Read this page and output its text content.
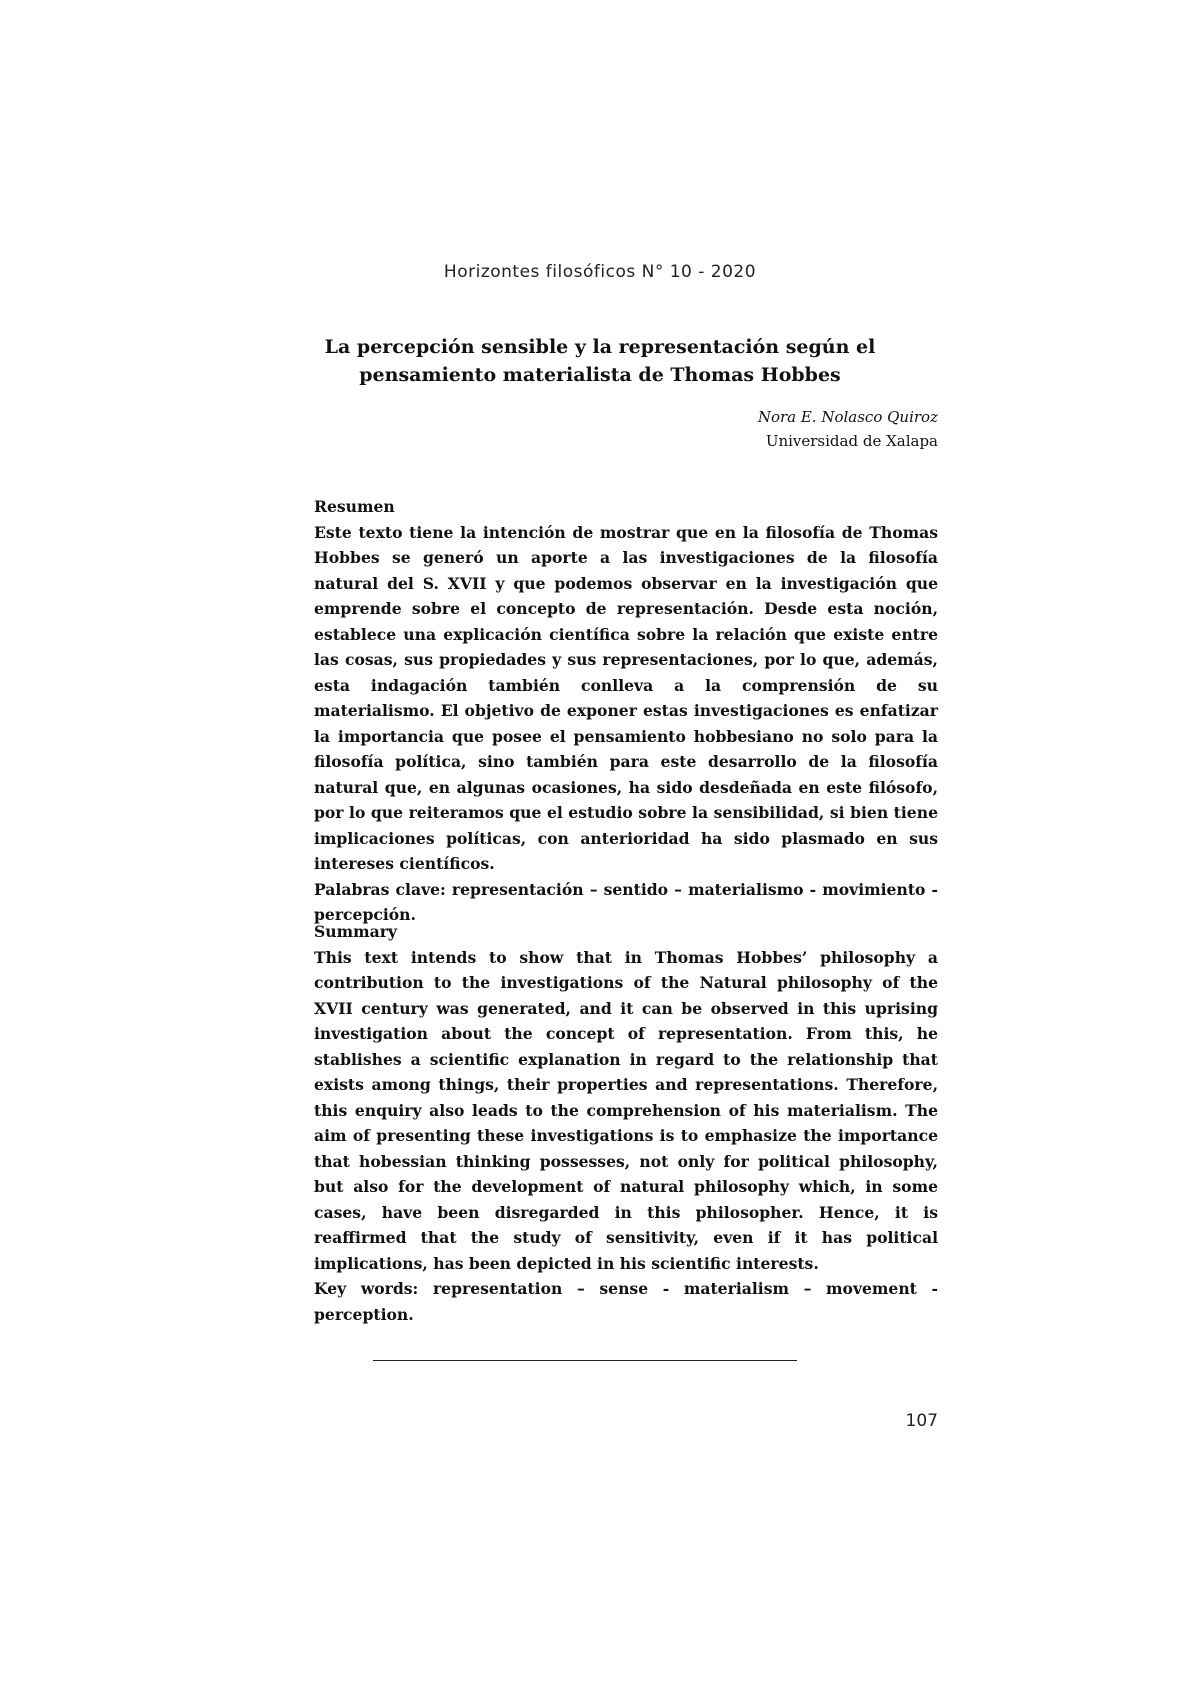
Horizontes filosóficos N° 10 - 2020
La percepción sensible y la representación según el pensamiento materialista de Thomas Hobbes
Nora E. Nolasco Quiroz
Universidad de Xalapa

Resumen

Este texto tiene la intención de mostrar que en la filosofía de Thomas Hobbes se generó un aporte a las investigaciones de la filosofía natural del S. XVII y que podemos observar en la investigación que emprende sobre el concepto de representación. Desde esta noción, establece una explicación científica sobre la relación que existe entre las cosas, sus propiedades y sus representaciones, por lo que, además, esta indagación también conlleva a la comprensión de su materialismo. El objetivo de exponer estas investigaciones es enfatizar la importancia que posee el pensamiento hobbesiano no solo para la filosofía política, sino también para este desarrollo de la filosofía natural que, en algunas ocasiones, ha sido desdeñada en este filósofo, por lo que reiteramos que el estudio sobre la sensibilidad, si bien tiene implicaciones políticas, con anterioridad ha sido plasmado en sus intereses científicos.

Palabras clave: representación – sentido – materialismo - movimiento - percepción.

Summary

This text intends to show that in Thomas Hobbes’ philosophy a contribution to the investigations of the Natural philosophy of the XVII century was generated, and it can be observed in this uprising investigation about the concept of representation. From this, he stablishes a scientific explanation in regard to the relationship that exists among things, their properties and representations. Therefore, this enquiry also leads to the comprehension of his materialism. The aim of presenting these investigations is to emphasize the importance that hobessian thinking possesses, not only for political philosophy, but also for the development of natural philosophy which, in some cases, have been disregarded in this philosopher. Hence, it is reaffirmed that the study of sensitivity, even if it has political implications, has been depicted in his scientific interests.

Key words: representation – sense - materialism – movement - perception.

107
